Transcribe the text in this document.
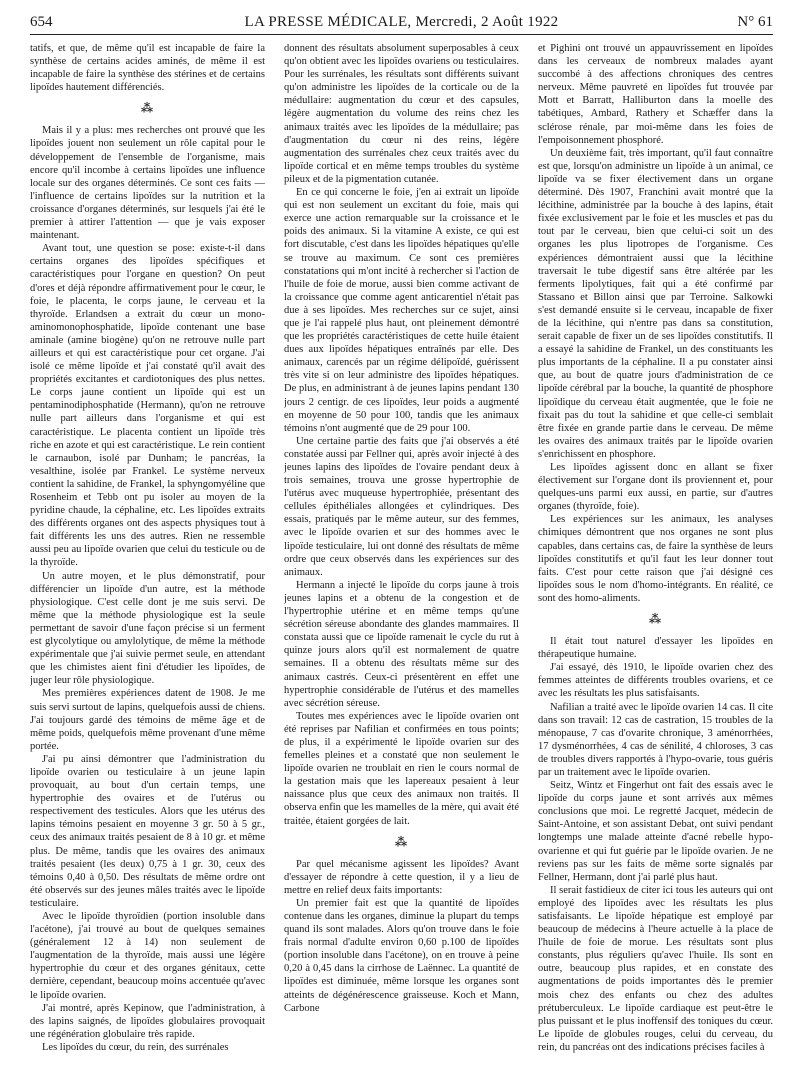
654	LA PRESSE MÉDICALE, Mercredi, 2 Août 1922	N° 61

tatifs, et que, de même qu'il est incapable de faire la synthèse de certains acides aminés, de même il est incapable de faire la synthèse des stérines et de certains lipoïdes hautement différenciés.

⁂

Mais il y a plus: mes recherches ont prouvé que les lipoïdes jouent non seulement un rôle capital pour le développement de l'ensemble de l'organisme, mais encore qu'il incombe à certains lipoïdes une influence locale sur des organes déterminés. Ce sont ces faits — l'influence de certains lipoïdes sur la nutrition et la croissance d'organes déterminés, sur lesquels j'ai été le premier à attirer l'attention — que je vais exposer maintenant.

Avant tout, une question se pose: existe-t-il dans certains organes des lipoïdes spécifiques et caractéristiques pour l'organe en question? On peut d'ores et déjà répondre affirmativement pour le cœur, le foie, le placenta, le corps jaune, le cerveau et la thyroïde. Erlandsen a extrait du cœur un mono-aminomonophosphatide, lipoïde contenant une base aminale (amine biogène) qu'on ne retrouve nulle part ailleurs et qui est caractéristique pour cet organe. J'ai isolé ce même lipoïde et j'ai constaté qu'il avait des propriétés excitantes et cardiotoniques des plus nettes. Le corps jaune contient un lipoïde qui est un pentaminodiphosphatide (Hermann), qu'on ne retrouve nulle part ailleurs dans l'organisme et qui est caractéristique. Le placenta contient un lipoïde très riche en azote et qui est caractéristique. Le rein contient le carnaubon, isolé par Dunham; le pancréas, la vesalthine, isolée par Frankel. Le système nerveux contient la sahidine, de Frankel, la sphyngomyéline que Rosenheim et Tebb ont pu isoler au moyen de la pyridine chaude, la céphaline, etc. Les lipoïdes extraits des différents organes ont des aspects physiques tout à fait différents les uns des autres. Rien ne ressemble aussi peu au lipoïde ovarien que celui du testicule ou de la thyroïde.

Un autre moyen, et le plus démonstratif, pour différencier un lipoïde d'un autre, est la méthode physiologique. C'est celle dont je me suis servi. De même que la méthode physiologique est la seule permettant de savoir d'une façon précise si un ferment est glycolytique ou amylolytique, de même la méthode expérimentale que j'ai suivie permet seule, en attendant que les chimistes aient fini d'étudier les lipoïdes, de juger leur rôle physiologique.

Mes premières expériences datent de 1908. Je me suis servi surtout de lapins, quelquefois aussi de chiens. J'ai toujours gardé des témoins de même âge et de même poids, quelquefois même provenant d'une même portée.

J'ai pu ainsi démontrer que l'administration du lipoïde ovarien ou testiculaire à un jeune lapin provoquait, au bout d'un certain temps, une hypertrophie des ovaires et de l'utérus ou respectivement des testicules. Alors que les utérus des lapins témoins pesaient en moyenne 3 gr. 50 à 5 gr., ceux des animaux traités pesaient de 8 à 10 gr. et même plus. De même, tandis que les ovaires des animaux traités pesaient (les deux) 0,75 à 1 gr. 30, ceux des témoins 0,40 à 0,50. Des résultats de même ordre ont été observés sur des jeunes mâles traités avec le lipoïde testiculaire.

Avec le lipoïde thyroïdien (portion insoluble dans l'acétone), j'ai trouvé au bout de quelques semaines (généralement 12 à 14) non seulement de l'augmentation de la thyroïde, mais aussi une légère hypertrophie du cœur et des organes génitaux, cette dernière, cependant, beaucoup moins accentuée qu'avec le lipoïde ovarien.

J'ai montré, après Kepinow, que l'administration, à des lapins saignés, de lipoïdes globulaires provoquait une régénération globulaire très rapide.

Les lipoïdes du cœur, du rein, des surrénales

donnent des résultats absolument superposables à ceux qu'on obtient avec les lipoïdes ovariens ou testiculaires. Pour les surrénales, les résultats sont différents suivant qu'on administre les lipoïdes de la corticale ou de la médullaire: augmentation du cœur et des capsules, légère augmentation du volume des reins chez les animaux traités avec les lipoïdes de la médullaire; pas d'augmentation du cœur ni des reins, légère augmentation des surrénales chez ceux traités avec du lipoïde cortical et en même temps troubles du système pileux et de la pigmentation cutanée.

En ce qui concerne le foie, j'en ai extrait un lipoïde qui est non seulement un excitant du foie, mais qui exerce une action remarquable sur la croissance et le poids des animaux. Si la vitamine A existe, ce qui est fort discutable, c'est dans les lipoïdes hépatiques qu'elle se trouve au maximum. Ce sont ces premières constatations qui m'ont incité à rechercher si l'action de l'huile de foie de morue, aussi bien comme activant de la croissance que comme agent anticarentiel n'était pas due à ses lipoïdes. Mes recherches sur ce sujet, ainsi que je l'ai rappelé plus haut, ont pleinement démontré que les propriétés caractéristiques de cette huile étaient dues aux lipoïdes hépatiques entraînés par elle. Des animaux, carencés par un régime délipoïdé, guérissent très vite si on leur administre des lipoïdes hépatiques. De plus, en administrant à de jeunes lapins pendant 130 jours 2 centigr. de ces lipoïdes, leur poids a augmenté en moyenne de 50 pour 100, tandis que les animaux témoins n'ont augmenté que de 29 pour 100.

Une certaine partie des faits que j'ai observés a été constatée aussi par Fellner qui, après avoir injecté à des jeunes lapins des lipoïdes de l'ovaire pendant deux à trois semaines, trouva une grosse hypertrophie de l'utérus avec muqueuse hypertrophiée, présentant des cellules épithéliales allongées et cylindriques. Des essais, pratiqués par le même auteur, sur des femmes, avec le lipoïde ovarien et sur des hommes avec le lipoïde testiculaire, lui ont donné des résultats de même ordre que ceux observés dans les expériences sur des animaux.

Hermann a injecté le lipoïde du corps jaune à trois jeunes lapins et a obtenu de la congestion et de l'hypertrophie utérine et en même temps qu'une sécrétion séreuse abondante des glandes mammaires. Il constata aussi que ce lipoïde ramenait le cycle du rut à quinze jours alors qu'il est normalement de quatre semaines. Il a obtenu des résultats même sur des animaux castrés. Ceux-ci présentèrent en effet une hypertrophie considérable de l'utérus et des mamelles avec sécrétion séreuse.

Toutes mes expériences avec le lipoïde ovarien ont été reprises par Nafilian et confirmées en tous points; de plus, il a expérimenté le lipoïde ovarien sur des femelles pleines et a constaté que non seulement le lipoïde ovarien ne troublait en rien le cours normal de la gestation mais que les lapereaux pesaient à leur naissance plus que ceux des animaux non traités. Il observa enfin que les mamelles de la mère, qui avait été traitée, étaient gorgées de lait.

⁂

Par quel mécanisme agissent les lipoïdes? Avant d'essayer de répondre à cette question, il y a lieu de mettre en relief deux faits importants:

Un premier fait est que la quantité de lipoïdes contenue dans les organes, diminue la plupart du temps quand ils sont malades. Alors qu'on trouve dans le foie frais normal d'adulte environ 0,60 p.100 de lipoïdes (portion insoluble dans l'acétone), on en trouve à peine 0,20 à 0,45 dans la cirrhose de Laënnec. La quantité de lipoïdes est diminuée, même lorsque les organes sont atteints de dégénérescence graisseuse. Koch et Mann, Carbone

et Pighini ont trouvé un appauvrissement en lipoïdes dans les cerveaux de nombreux malades ayant succombé à des affections chroniques des centres nerveux. Même pauvreté en lipoïdes fut trouvée par Mott et Barratt, Halliburton dans la moelle des tabétiques, Ambard, Rathery et Schæffer dans la sclérose rénale, par moi-même dans les foies de l'empoisonnement phosphoré.

Un deuxième fait, très important, qu'il faut connaître est que, lorsqu'on administre un lipoïde à un animal, ce lipoïde va se fixer électivement dans un organe déterminé. Dès 1907, Franchini avait montré que la lécithine, administrée par la bouche à des lapins, était fixée exclusivement par le foie et les muscles et pas du tout par le cerveau, bien que celui-ci soit un des organes les plus lipotropes de l'organisme. Ces expériences démontraient aussi que la lécithine traversait le tube digestif sans être altérée par les ferments lipolytiques, fait qui a été confirmé par Stassano et Billon ainsi que par Terroine. Salkowki s'est demandé ensuite si le cerveau, incapable de fixer de la lécithine, qui n'entre pas dans sa constitution, serait capable de fixer un de ses lipoïdes constitutifs. Il a essayé la sahidine de Frankel, un des constituants les plus importants de la céphaline. Il a pu constater ainsi que, au bout de quatre jours d'administration de ce lipoïde cérébral par la bouche, la quantité de phosphore lipoïdique du cerveau était augmentée, que le foie ne fixait pas du tout la sahidine et que celle-ci semblait être fixée en grande partie dans le cerveau. De même les ovaires des animaux traités par le lipoïde ovarien s'enrichissent en phosphore.

Les lipoïdes agissent donc en allant se fixer électivement sur l'organe dont ils proviennent et, pour quelques-uns parmi eux aussi, en partie, sur d'autres organes (thyroïde, foie).

Les expériences sur les animaux, les analyses chimiques démontrent que nos organes ne sont plus capables, dans certains cas, de faire la synthèse de leurs lipoïdes constitutifs et qu'il faut les leur donner tout faits. C'est pour cette raison que j'ai désigné ces lipoïdes sous le nom d'homo-intégrants. En réalité, ce sont des homo-aliments.

⁂

Il était tout naturel d'essayer les lipoïdes en thérapeutique humaine.

J'ai essayé, dès 1910, le lipoïde ovarien chez des femmes atteintes de différents troubles ovariens, et ce avec les résultats les plus satisfaisants.

Nafilian a traité avec le lipoïde ovarien 14 cas. Il cite dans son travail: 12 cas de castration, 15 troubles de la ménopause, 7 cas d'ovarite chronique, 3 aménorrhées, 17 dysménorrhées, 4 cas de sénilité, 4 chloroses, 3 cas de troubles divers rapportés à l'hypo-ovarie, tous guéris par un traitement avec le lipoïde ovarien.

Seitz, Wintz et Fingerhut ont fait des essais avec le lipoïde du corps jaune et sont arrivés aux mêmes conclusions que moi. Le regretté Jacquet, médecin de Saint-Antoine, et son assistant Debat, ont suivi pendant longtemps une malade atteinte d'acné rebelle hypo-ovarienne et qui fut guérie par le lipoïde ovarien. Je ne reviens pas sur les faits de même sorte signalés par Fellner, Hermann, dont j'ai parlé plus haut.

Il serait fastidieux de citer ici tous les auteurs qui ont employé des lipoïdes avec les résultats les plus satisfaisants. Le lipoïde hépatique est employé par beaucoup de médecins à l'heure actuelle à la place de l'huile de foie de morue. Les résultats sont plus constants, plus réguliers qu'avec l'huile. Ils sont en outre, beaucoup plus rapides, et en constate des augmentations de poids importantes dès le premier mois chez des enfants ou chez des adultes prétuberculeux. Le lipoïde cardiaque est peut-être le plus puissant et le plus inoffensif des toniques du cœur. Le lipoïde de globules rouges, celui du cerveau, du rein, du pancréas ont des indications précises faciles à
